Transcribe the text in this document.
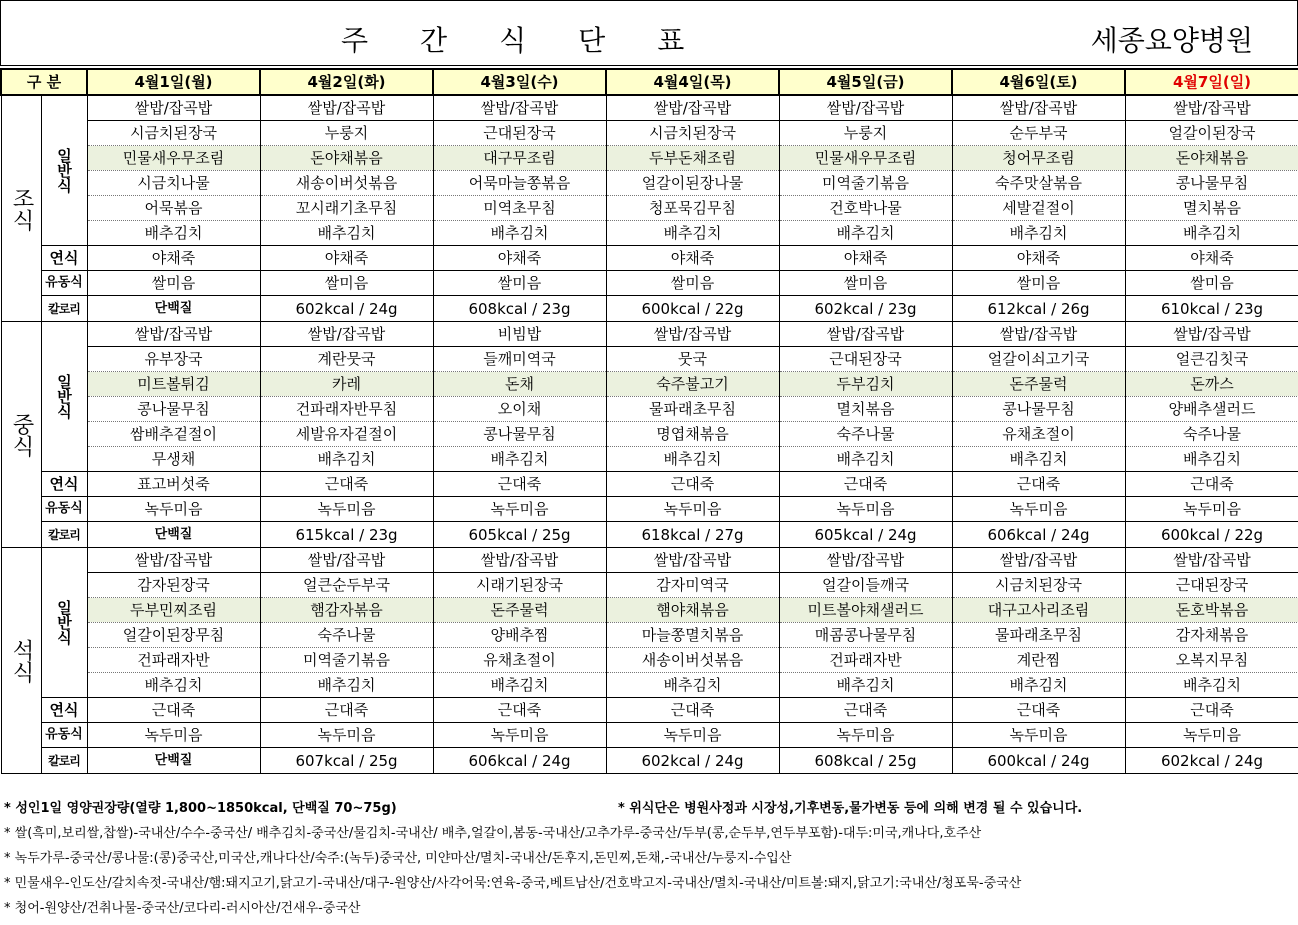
주간식단표	세종요양병원
구 분		4월1일(월)	4월2일(화)	4월3일(수)	4월4일(목)	4월5일(금)	4월6일(토)	4월7일(일)	
조식	일반식	쌀밥/잡곡밥	쌀밥/잡곡밥	쌀밥/잡곡밥	쌀밥/잡곡밥	쌀밥/잡곡밥	쌀밥/잡곡밥	쌀밥/잡곡밥	
		시금치된장국	누룽지	근대된장국	시금치된장국	누룽지	순두부국	얼갈이된장국	
		민물새우무조림	돈야채볶음	대구무조림	두부돈채조림	민물새우무조림	청어무조림	돈야채볶음	
		시금치나물	새송이버섯볶음	어묵마늘쫑볶음	얼갈이된장나물	미역줄기볶음	숙주맛살볶음	콩나물무침	
		어묵볶음	꼬시래기초무침	미역초무침	청포묵김무침	건호박나물	세발겉절이	멸치볶음	
		배추김치	배추김치	배추김치	배추김치	배추김치	배추김치	배추김치	
	연식	야채죽	야채죽	야채죽	야채죽	야채죽	야채죽	야채죽	
	유동식	쌀미음	쌀미음	쌀미음	쌀미음	쌀미음	쌀미음	쌀미음	
	칼로리	단백질	602kcal / 24g	608kcal / 23g	600kcal / 22g	602kcal / 23g	612kcal / 26g	610kcal / 23g	
중식	일반식	쌀밥/잡곡밥	쌀밥/잡곡밥	비빔밥	쌀밥/잡곡밥	쌀밥/잡곡밥	쌀밥/잡곡밥	쌀밥/잡곡밥	
		유부장국	계란뭇국	들깨미역국	뭇국	근대된장국	얼갈이쇠고기국	얼큰김칫국	
		미트볼튀김	카레	돈채	숙주불고기	두부김치	돈주물럭	돈까스	
		콩나물무침	건파래자반무침	오이채	물파래초무침	멸치볶음	콩나물무침	양배추샐러드	
		쌈배추겉절이	세발유자겉절이	콩나물무침	명엽채볶음	숙주나물	유채초절이	숙주나물	
		무생채	배추김치	배추김치	배추김치	배추김치	배추김치	배추김치	
	연식	표고버섯죽	근대죽	근대죽	근대죽	근대죽	근대죽	근대죽	
	유동식	녹두미음	녹두미음	녹두미음	녹두미음	녹두미음	녹두미음	녹두미음	
	칼로리	단백질	615kcal / 23g	605kcal / 25g	618kcal / 27g	605kcal / 24g	606kcal / 24g	600kcal / 22g	
석식	일반식	쌀밥/잡곡밥	쌀밥/잡곡밥	쌀밥/잡곡밥	쌀밥/잡곡밥	쌀밥/잡곡밥	쌀밥/잡곡밥	쌀밥/잡곡밥	
		감자된장국	얼큰순두부국	시래기된장국	감자미역국	얼갈이들깨국	시금치된장국	근대된장국	
		두부민찌조림	햄감자볶음	돈주물럭	햄야채볶음	미트볼야채샐러드	대구고사리조림	돈호박볶음	
		얼갈이된장무침	숙주나물	양배추찜	마늘쫑멸치볶음	매콤콩나물무침	물파래초무침	감자채볶음	
		건파래자반	미역줄기볶음	유채초절이	새송이버섯볶음	건파래자반	계란찜	오복지무침	
		배추김치	배추김치	배추김치	배추김치	배추김치	배추김치	배추김치	
	연식	근대죽	근대죽	근대죽	근대죽	근대죽	근대죽	근대죽	
	유동식	녹두미음	녹두미음	녹두미음	녹두미음	녹두미음	녹두미음	녹두미음	
	칼로리	단백질	607kcal / 25g	606kcal / 24g	602kcal / 24g	608kcal / 25g	600kcal / 24g	602kcal / 24g	
* 성인1일 영양권장량(열량 1,800~1850kcal, 단백질 70~75g)	* 위식단은 병원사정과 시장성,기후변동,물가변동 등에 의해 변경 될 수 있습니다.
* 쌀(흑미,보리쌀,찹쌀)-국내산/수수-중국산/ 배추김치-중국산/물김치-국내산/ 배추,얼갈이,봄동-국내산/고추가루-중국산/두부(콩,순두부,연두부포함)-대두:미국,캐나다,호주산
* 녹두가루-중국산/콩나물:(콩)중국산,미국산,캐나다산/숙주:(녹두)중국산, 미얀마산/멸치-국내산/돈후지,돈민찌,돈채,-국내산/누룽지-수입산
* 민물새우-인도산/갈치속젓-국내산/햄:돼지고기,닭고기-국내산/대구-원양산/사각어묵:연육-중국,베트남산/건호박고지-국내산/멸치-국내산/미트볼:돼지,닭고기:국내산/청포묵-중국산
* 청어-원양산/건취나물-중국산/코다리-러시아산/건새우-중국산
